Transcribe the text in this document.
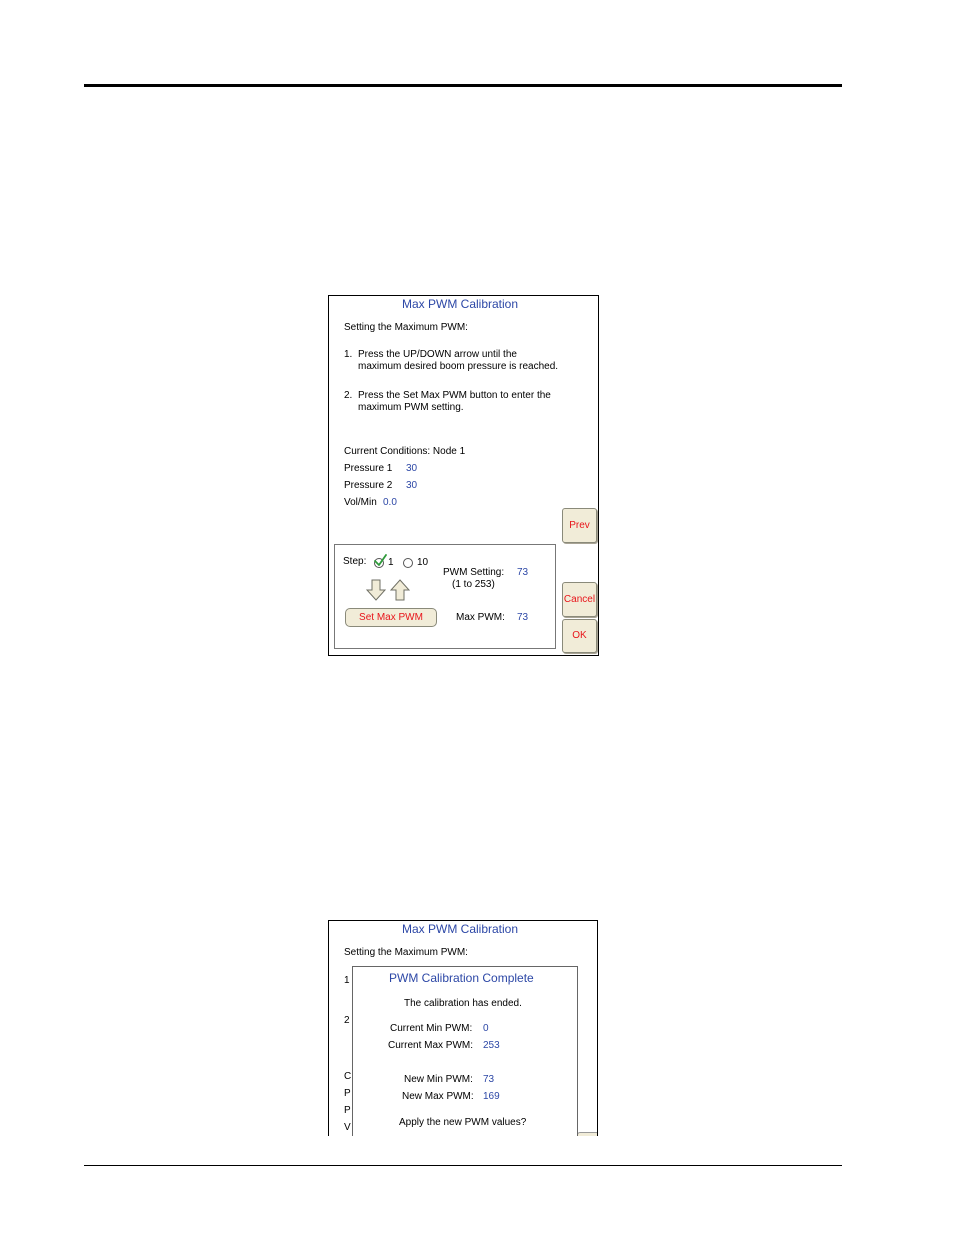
Max PWM Calibration
Setting the Maximum PWM:
1. Press the UP/DOWN arrow until the
maximum desired boom pressure is reached.
2. Press the Set Max PWM button to enter the
maximum PWM setting.
Current Conditions: Node 1
Pressure 1 30
Pressure 2 30
Vol/Min 0.0
Prev
Cancel
OK
Step: 1 10
PWM Setting: 73
(1 to 253)
Set Max PWM	Max PWM: 73
Max PWM Calibration
Setting the Maximum PWM:
1
2
C
P
P
V
PWM Calibration Complete
The calibration has ended.
Current Min PWM: 0
Current Max PWM: 253
New Min PWM: 73
New Max PWM: 169
Apply the new PWM values?
